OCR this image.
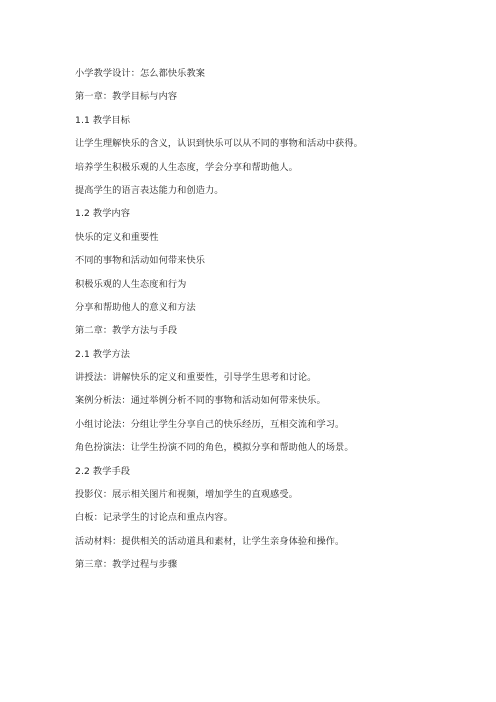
小学教学设计：怎么都快乐教案
第一章：教学目标与内容
1.1 教学目标
让学生理解快乐的含义，认识到快乐可以从不同的事物和活动中获得。
培养学生积极乐观的人生态度，学会分享和帮助他人。
提高学生的语言表达能力和创造力。
1.2 教学内容
快乐的定义和重要性
不同的事物和活动如何带来快乐
积极乐观的人生态度和行为
分享和帮助他人的意义和方法
第二章：教学方法与手段
2.1 教学方法
讲授法：讲解快乐的定义和重要性，引导学生思考和讨论。
案例分析法：通过举例分析不同的事物和活动如何带来快乐。
小组讨论法：分组让学生分享自己的快乐经历，互相交流和学习。
角色扮演法：让学生扮演不同的角色，模拟分享和帮助他人的场景。
2.2 教学手段
投影仪：展示相关图片和视频，增加学生的直观感受。
白板：记录学生的讨论点和重点内容。
活动材料：提供相关的活动道具和素材，让学生亲身体验和操作。
第三章：教学过程与步骤
